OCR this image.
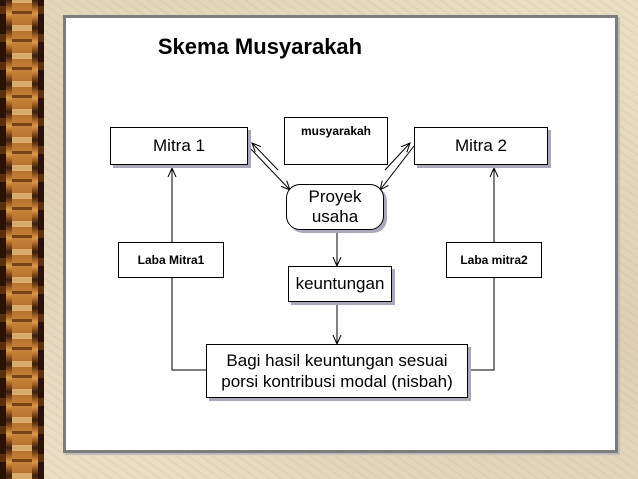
Skema Musyarakah
Mitra 1
musyarakah
Mitra 2
Proyek usaha
Laba Mitra1	Laba mitra2
keuntungan
Bagi hasil keuntungan sesuai porsi kontribusi modal (nisbah)
